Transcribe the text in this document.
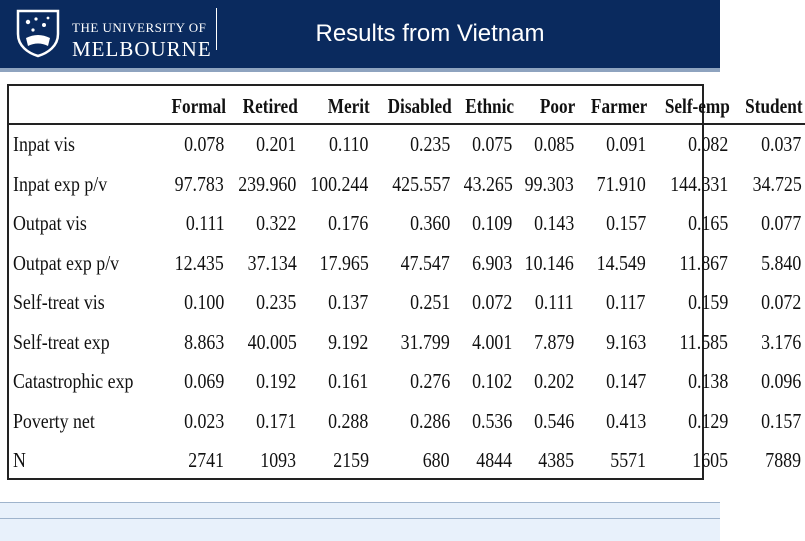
THE UNIVERSITY OF
MELBOURNE
Results from Vietnam
	Formal	Retired	Merit	Disabled	Ethnic	Poor	Farmer	Self-emp	Student
Inpat vis	0.078	0.201	0.110	0.235	0.075	0.085	0.091	0.082	0.037
Inpat exp p/v	97.783	239.960	100.244	425.557	43.265	99.303	71.910	144.331	34.725
Outpat vis	0.111	0.322	0.176	0.360	0.109	0.143	0.157	0.165	0.077
Outpat exp p/v	12.435	37.134	17.965	47.547	6.903	10.146	14.549	11.867	5.840
Self-treat vis	0.100	0.235	0.137	0.251	0.072	0.111	0.117	0.159	0.072
Self-treat exp	8.863	40.005	9.192	31.799	4.001	7.879	9.163	11.585	3.176
Catastrophic exp	0.069	0.192	0.161	0.276	0.102	0.202	0.147	0.138	0.096
Poverty net	0.023	0.171	0.288	0.286	0.536	0.546	0.413	0.129	0.157
N	2741	1093	2159	680	4844	4385	5571	1605	7889
